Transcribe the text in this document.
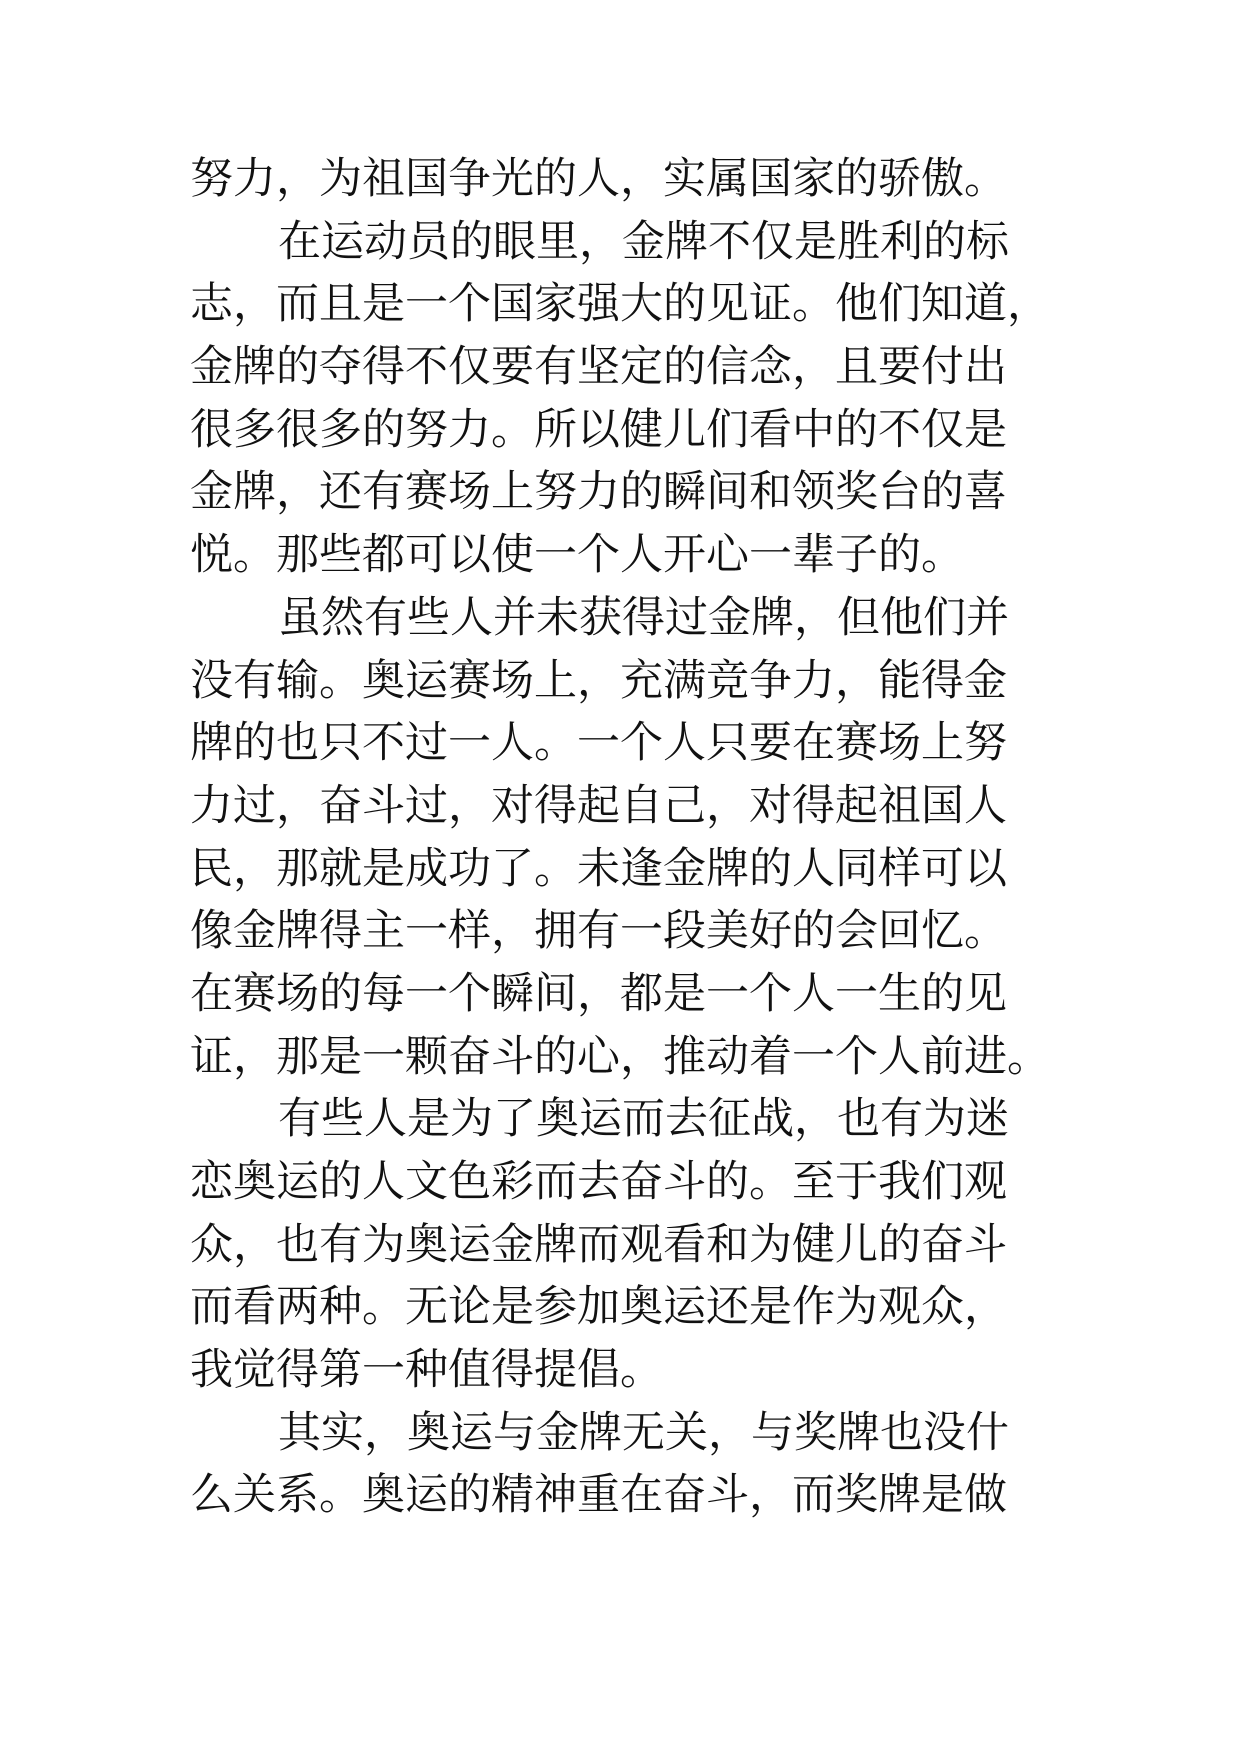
努力，为祖国争光的人，实属国家的骄傲。
在运动员的眼里，金牌不仅是胜利的标
志，而且是一个国家强大的见证。他们知道，
金牌的夺得不仅要有坚定的信念，且要付出
很多很多的努力。所以健儿们看中的不仅是
金牌，还有赛场上努力的瞬间和领奖台的喜
悦。那些都可以使一个人开心一辈子的。
虽然有些人并未获得过金牌，但他们并
没有输。奥运赛场上，充满竞争力，能得金
牌的也只不过一人。一个人只要在赛场上努
力过，奋斗过，对得起自己，对得起祖国人
民，那就是成功了。未逢金牌的人同样可以
像金牌得主一样，拥有一段美好的会回忆。
在赛场的每一个瞬间，都是一个人一生的见
证，那是一颗奋斗的心，推动着一个人前进。
有些人是为了奥运而去征战，也有为迷
恋奥运的人文色彩而去奋斗的。至于我们观
众，也有为奥运金牌而观看和为健儿的奋斗
而看两种。无论是参加奥运还是作为观众，
我觉得第一种值得提倡。
其实，奥运与金牌无关，与奖牌也没什
么关系。奥运的精神重在奋斗，而奖牌是做
